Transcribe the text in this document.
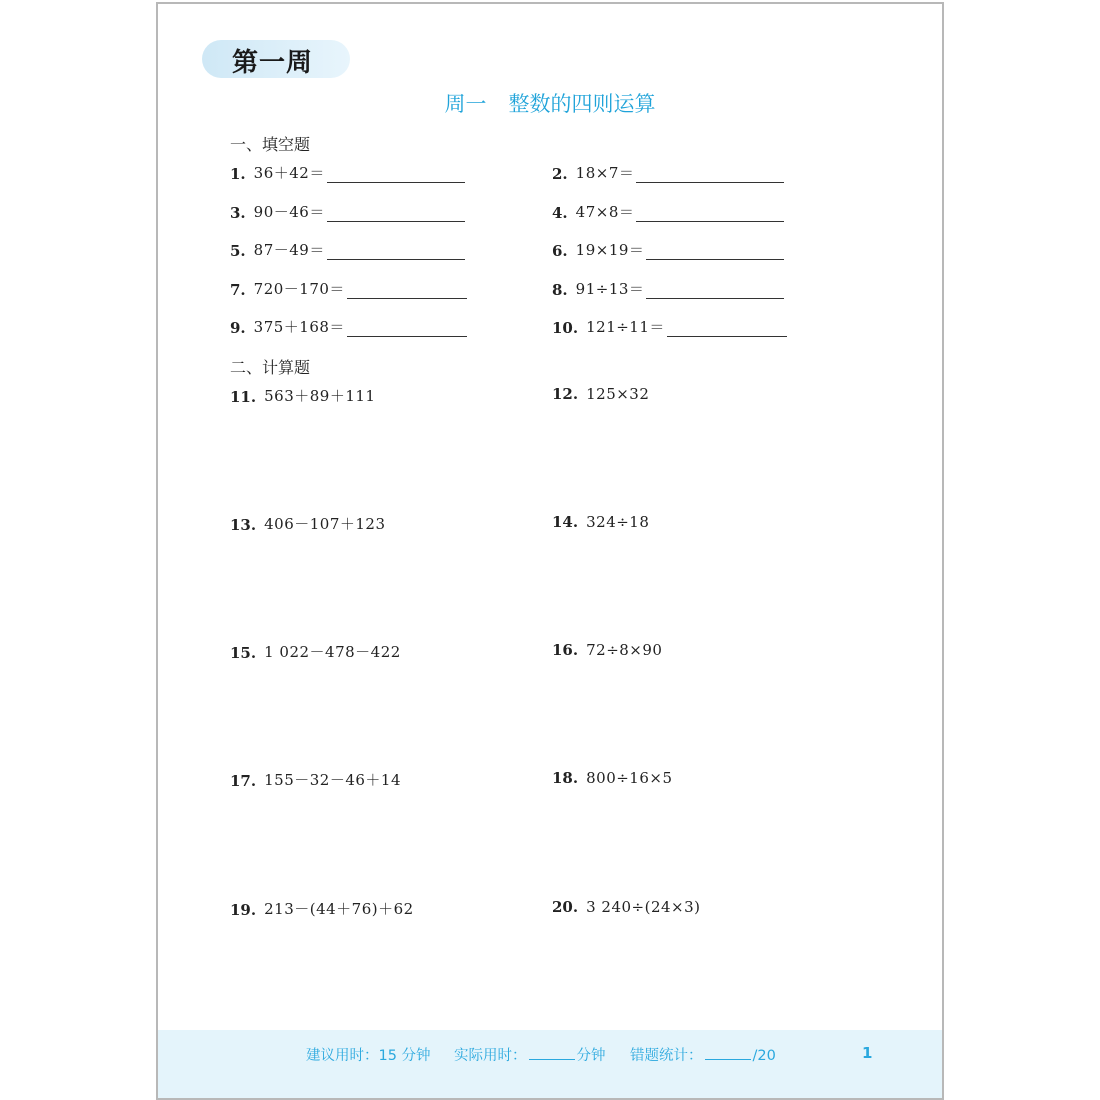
第一周
周一 整数的四则运算
一、填空题
1. 36＋42＝	2. 18×7＝
3. 90－46＝	4. 47×8＝
5. 87－49＝	6. 19×19＝
7. 720－170＝	8. 91÷13＝
9. 375＋168＝	10. 121÷11＝
二、计算题
11. 563＋89＋111	12. 125×32
13. 406－107＋123	14. 324÷18
15. 1 022－478－422	16. 72÷8×90
17. 155－32－46＋14	18. 800÷16×5
19. 213－(44＋76)＋62	20. 3 240÷(24×3)
建议用时：15 分钟 实际用时：	分钟 错题统计：	/20	1
